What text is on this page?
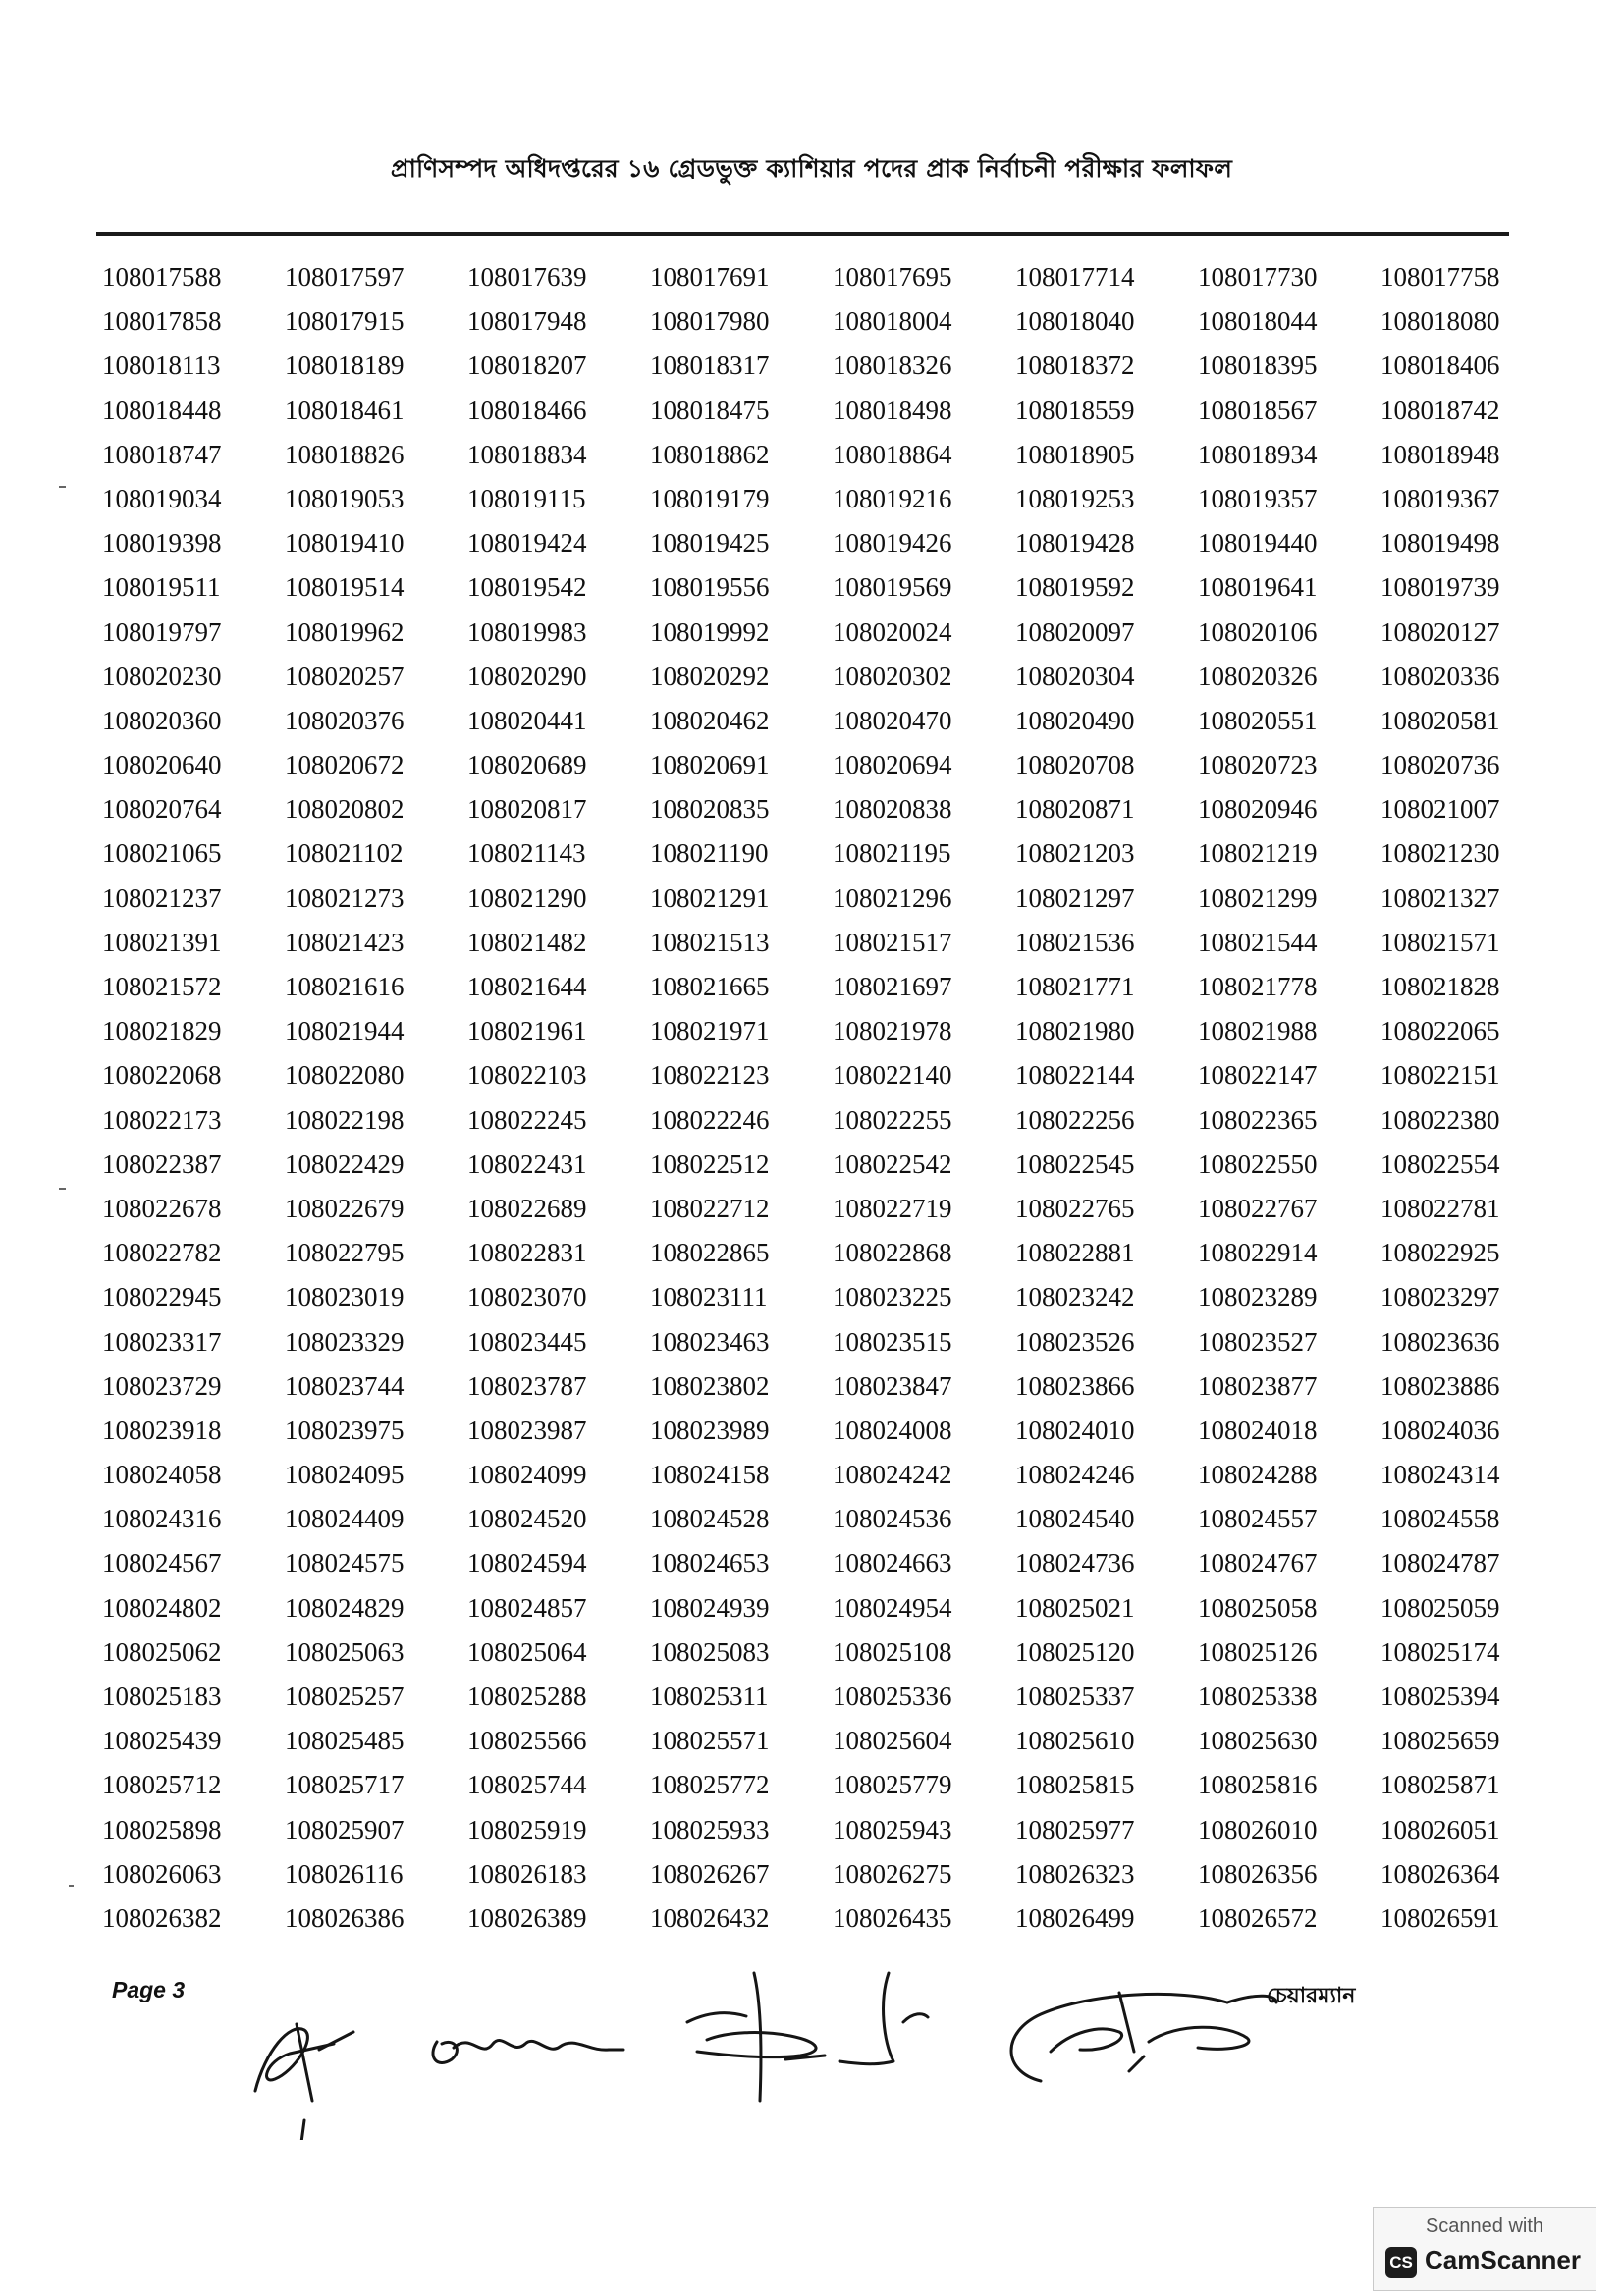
প্রাণিসম্পদ অধিদপ্তরের ১৬ গ্রেডভুক্ত ক্যাশিয়ার পদের প্রাক নির্বাচনী পরীক্ষার ফলাফল
108017588	108017597	108017639	108017691	108017695	108017714	108017730	108017758
108017858	108017915	108017948	108017980	108018004	108018040	108018044	108018080
108018113	108018189	108018207	108018317	108018326	108018372	108018395	108018406
108018448	108018461	108018466	108018475	108018498	108018559	108018567	108018742
108018747	108018826	108018834	108018862	108018864	108018905	108018934	108018948
108019034	108019053	108019115	108019179	108019216	108019253	108019357	108019367
108019398	108019410	108019424	108019425	108019426	108019428	108019440	108019498
108019511	108019514	108019542	108019556	108019569	108019592	108019641	108019739
108019797	108019962	108019983	108019992	108020024	108020097	108020106	108020127
108020230	108020257	108020290	108020292	108020302	108020304	108020326	108020336
108020360	108020376	108020441	108020462	108020470	108020490	108020551	108020581
108020640	108020672	108020689	108020691	108020694	108020708	108020723	108020736
108020764	108020802	108020817	108020835	108020838	108020871	108020946	108021007
108021065	108021102	108021143	108021190	108021195	108021203	108021219	108021230
108021237	108021273	108021290	108021291	108021296	108021297	108021299	108021327
108021391	108021423	108021482	108021513	108021517	108021536	108021544	108021571
108021572	108021616	108021644	108021665	108021697	108021771	108021778	108021828
108021829	108021944	108021961	108021971	108021978	108021980	108021988	108022065
108022068	108022080	108022103	108022123	108022140	108022144	108022147	108022151
108022173	108022198	108022245	108022246	108022255	108022256	108022365	108022380
108022387	108022429	108022431	108022512	108022542	108022545	108022550	108022554
108022678	108022679	108022689	108022712	108022719	108022765	108022767	108022781
108022782	108022795	108022831	108022865	108022868	108022881	108022914	108022925
108022945	108023019	108023070	108023111	108023225	108023242	108023289	108023297
108023317	108023329	108023445	108023463	108023515	108023526	108023527	108023636
108023729	108023744	108023787	108023802	108023847	108023866	108023877	108023886
108023918	108023975	108023987	108023989	108024008	108024010	108024018	108024036
108024058	108024095	108024099	108024158	108024242	108024246	108024288	108024314
108024316	108024409	108024520	108024528	108024536	108024540	108024557	108024558
108024567	108024575	108024594	108024653	108024663	108024736	108024767	108024787
108024802	108024829	108024857	108024939	108024954	108025021	108025058	108025059
108025062	108025063	108025064	108025083	108025108	108025120	108025126	108025174
108025183	108025257	108025288	108025311	108025336	108025337	108025338	108025394
108025439	108025485	108025566	108025571	108025604	108025610	108025630	108025659
108025712	108025717	108025744	108025772	108025779	108025815	108025816	108025871
108025898	108025907	108025919	108025933	108025943	108025977	108026010	108026051
108026063	108026116	108026183	108026267	108026275	108026323	108026356	108026364
108026382	108026386	108026389	108026432	108026435	108026499	108026572	108026591
Page 3	চেয়ারম্যান
Scanned with
CS CamScanner
